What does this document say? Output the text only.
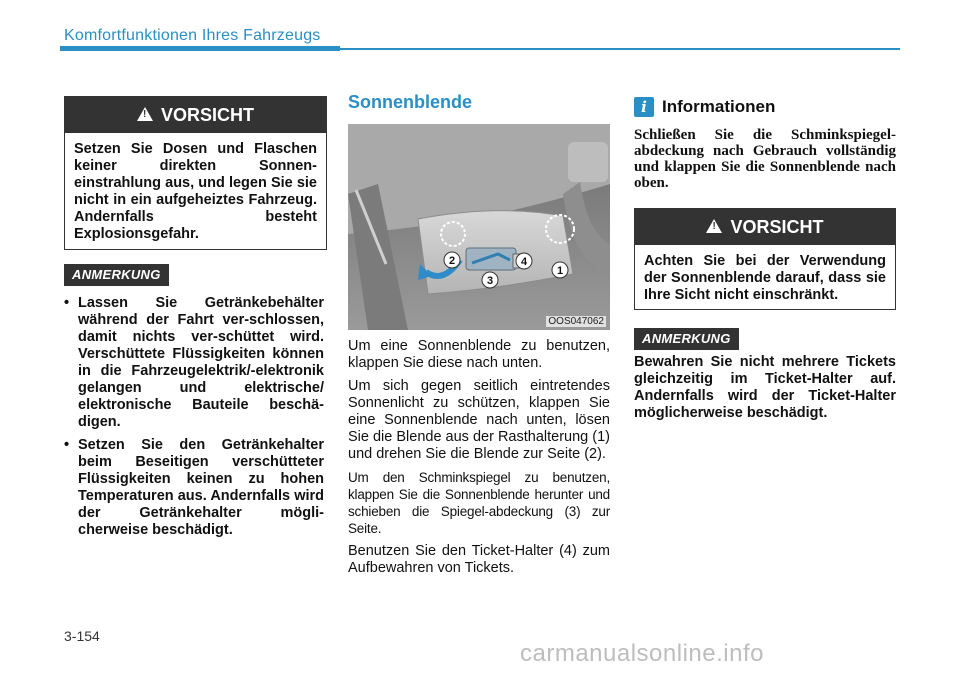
Komfortfunktionen Ihres Fahrzeugs
!
VORSICHT
Setzen Sie Dosen und Flaschen keiner direkten Sonnen-einstrahlung aus, und legen Sie sie nicht in ein aufgeheiztes Fahrzeug. Andernfalls besteht Explosionsgefahr.
ANMERKUNG
• Lassen Sie Getränkebehälter während der Fahrt ver-schlossen, damit nichts ver-schüttet wird. Verschüttete Flüssigkeiten können in die Fahrzeugelektrik/-elektronik gelangen und elektrische/ elektronische Bauteile beschä-digen.
• Setzen Sie den Getränkehalter beim Beseitigen verschütteter Flüssigkeiten keinen zu hohen Temperaturen aus. Andernfalls wird der Getränkehalter mögli-cherweise beschädigt.
Sonnenblende
1
2
3
4
OOS047062

Um eine Sonnenblende zu benutzen, klappen Sie diese nach unten.

Um sich gegen seitlich eintretendes Sonnenlicht zu schützen, klappen Sie eine Sonnenblende nach unten, lösen Sie die Blende aus der Rasthalterung (1) und drehen Sie die Blende zur Seite (2).

Um den Schminkspiegel zu benutzen, klappen Sie die Sonnenblende herunter und schieben die Spiegel-abdeckung (3) zur Seite.

Benutzen Sie den Ticket-Halter (4) zum Aufbewahren von Tickets.

i Informationen
Schließen Sie die Schminkspiegel-abdeckung nach Gebrauch vollständig und klappen Sie die Sonnenblende nach oben.
!
VORSICHT
Achten Sie bei der Verwendung der Sonnenblende darauf, dass sie Ihre Sicht nicht einschränkt.
ANMERKUNG
Bewahren Sie nicht mehrere Tickets gleichzeitig im Ticket-Halter auf. Andernfalls wird der Ticket-Halter möglicherweise beschädigt.
3-154
carmanualsonline.info
